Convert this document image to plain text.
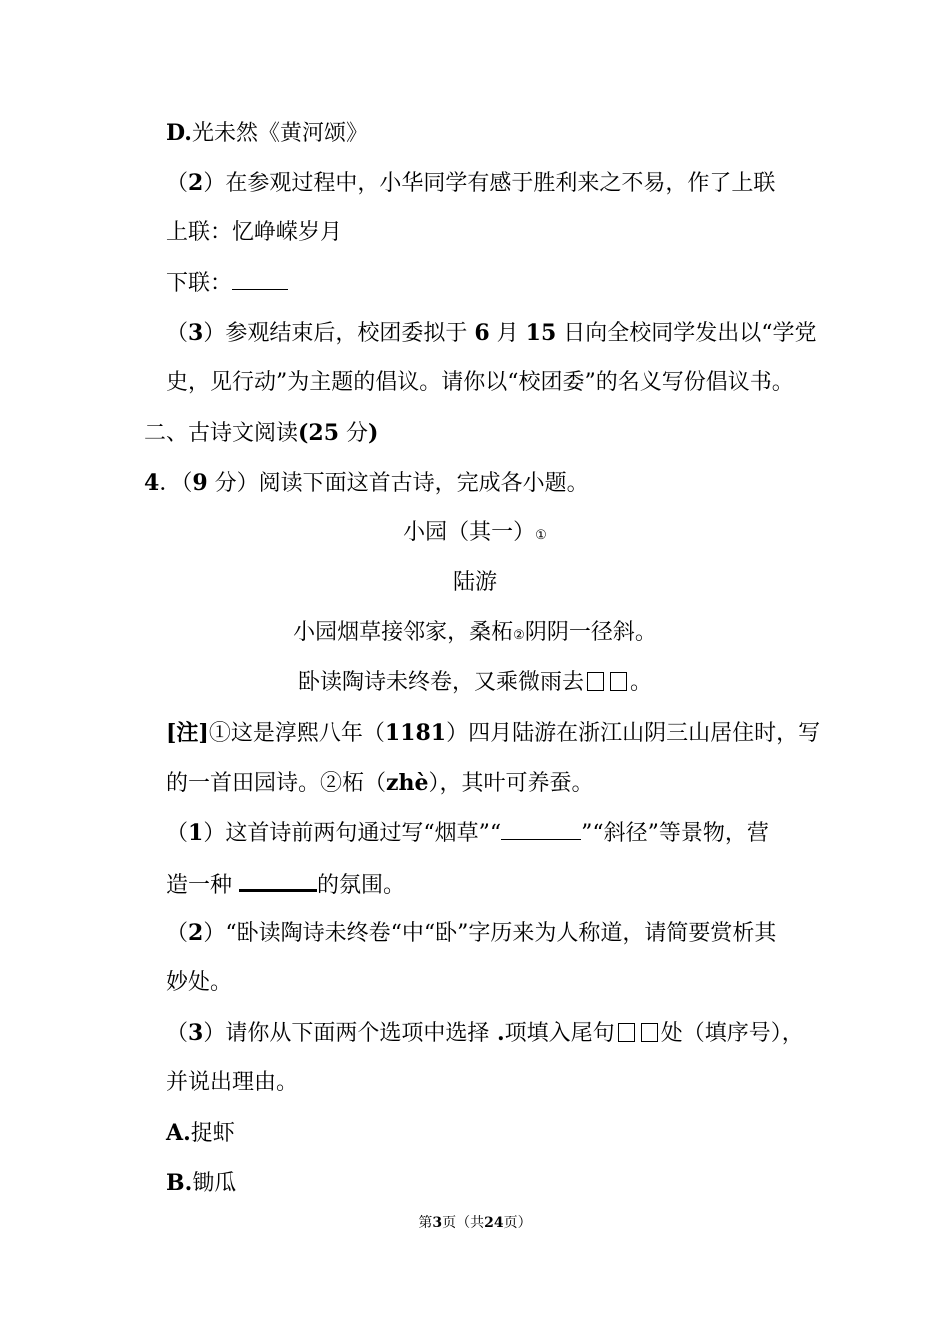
D.光未然《黄河颂》
（2）在参观过程中，小华同学有感于胜利来之不易，作了上联
上联：忆峥嵘岁月
下联：
（3）参观结束后，校团委拟于 6 月 15 日向全校同学发出以“学党
史，见行动”为主题的倡议。请你以“校团委”的名义写份倡议书。
二、古诗文阅读(25 分)
4．（9 分）阅读下面这首古诗，完成各小题。
小园（其一）①
陆游
小园烟草接邻家，桑柘②阴阴一径斜。
卧读陶诗未终卷，又乘微雨去 。
[注]①这是淳熙八年（1181）四月陆游在浙江山阴三山居住时，写
的一首田园诗。②柘（zhè），其叶可养蚕。
（1）这首诗前两句通过写“烟草”“	”“斜径”等景物，营
造一种	的氛围。
（2）“卧读陶诗未终卷“中“卧”字历来为人称道，请简要赏析其
妙处。
（3）请你从下面两个选项中选择 .项填入尾句 处（填序号），
并说出理由。
A.捉虾
B.锄瓜
第3页（共24页）
